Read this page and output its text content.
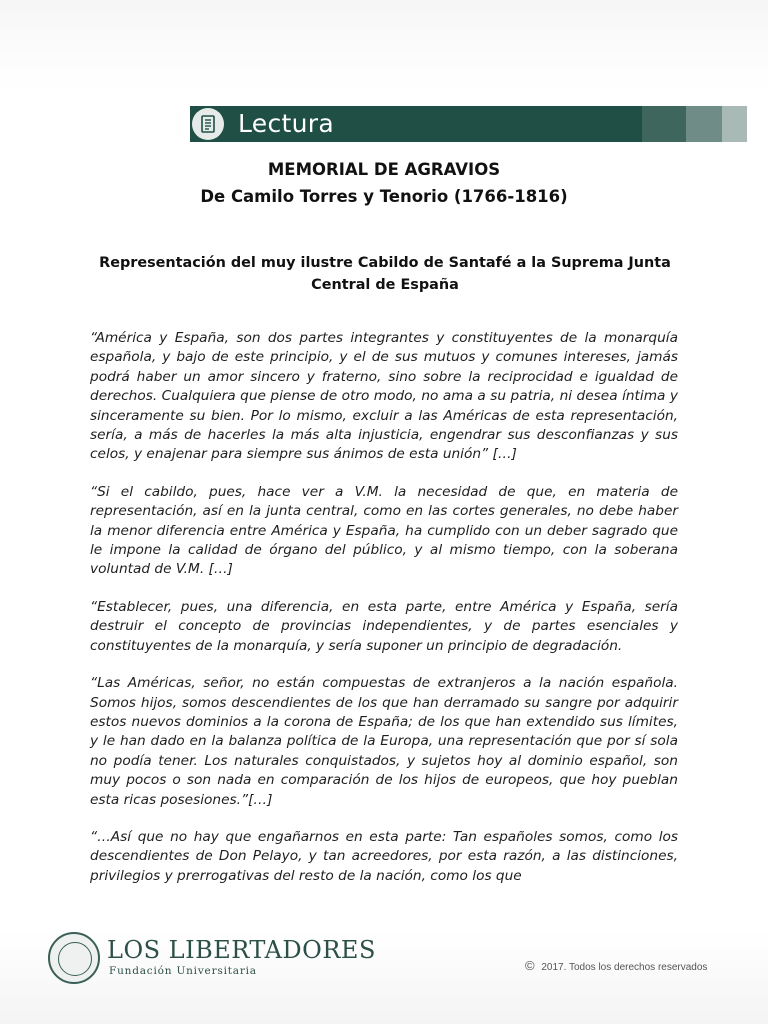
Lectura
MEMORIAL DE AGRAVIOS
De Camilo Torres y Tenorio (1766-1816)
Representación del muy ilustre Cabildo de Santafé a la Suprema Junta Central de España

“América y España, son dos partes integrantes y constituyentes de la monarquía española, y bajo de este principio, y el de sus mutuos y comunes intereses, jamás podrá haber un amor sincero y fraterno, sino sobre la reciprocidad e igualdad de derechos. Cualquiera que piense de otro modo, no ama a su patria, ni desea íntima y sinceramente su bien. Por lo mismo, excluir a las Américas de esta representación, sería, a más de hacerles la más alta injusticia, engendrar sus desconfianzas y sus celos, y enajenar para siempre sus ánimos de esta unión” […]

“Si el cabildo, pues, hace ver a V.M. la necesidad de que, en materia de representación, así en la junta central, como en las cortes generales, no debe haber la menor diferencia entre América y España, ha cumplido con un deber sagrado que le impone la calidad de órgano del público, y al mismo tiempo, con la soberana voluntad de V.M. […]

“Establecer, pues, una diferencia, en esta parte, entre América y España, sería destruir el concepto de provincias independientes, y de partes esenciales y constituyentes de la monarquía, y sería suponer un principio de degradación.

“Las Américas, señor, no están compuestas de extranjeros a la nación española. Somos hijos, somos descendientes de los que han derramado su sangre por adquirir estos nuevos dominios a la corona de España; de los que han extendido sus límites, y le han dado en la balanza política de la Europa, una representación que por sí sola no podía tener. Los naturales conquistados, y sujetos hoy al dominio español, son muy pocos o son nada en comparación de los hijos de europeos, que hoy pueblan esta ricas posesiones.”[…]

“…Así que no hay que engañarnos en esta parte: Tan españoles somos, como los descendientes de Don Pelayo, y tan acreedores, por esta razón, a las distinciones, privilegios y prerrogativas del resto de la nación, como los que

LOS LIBERTADORES
Fundación Universitaria	© 2017. Todos los derechos reservados
